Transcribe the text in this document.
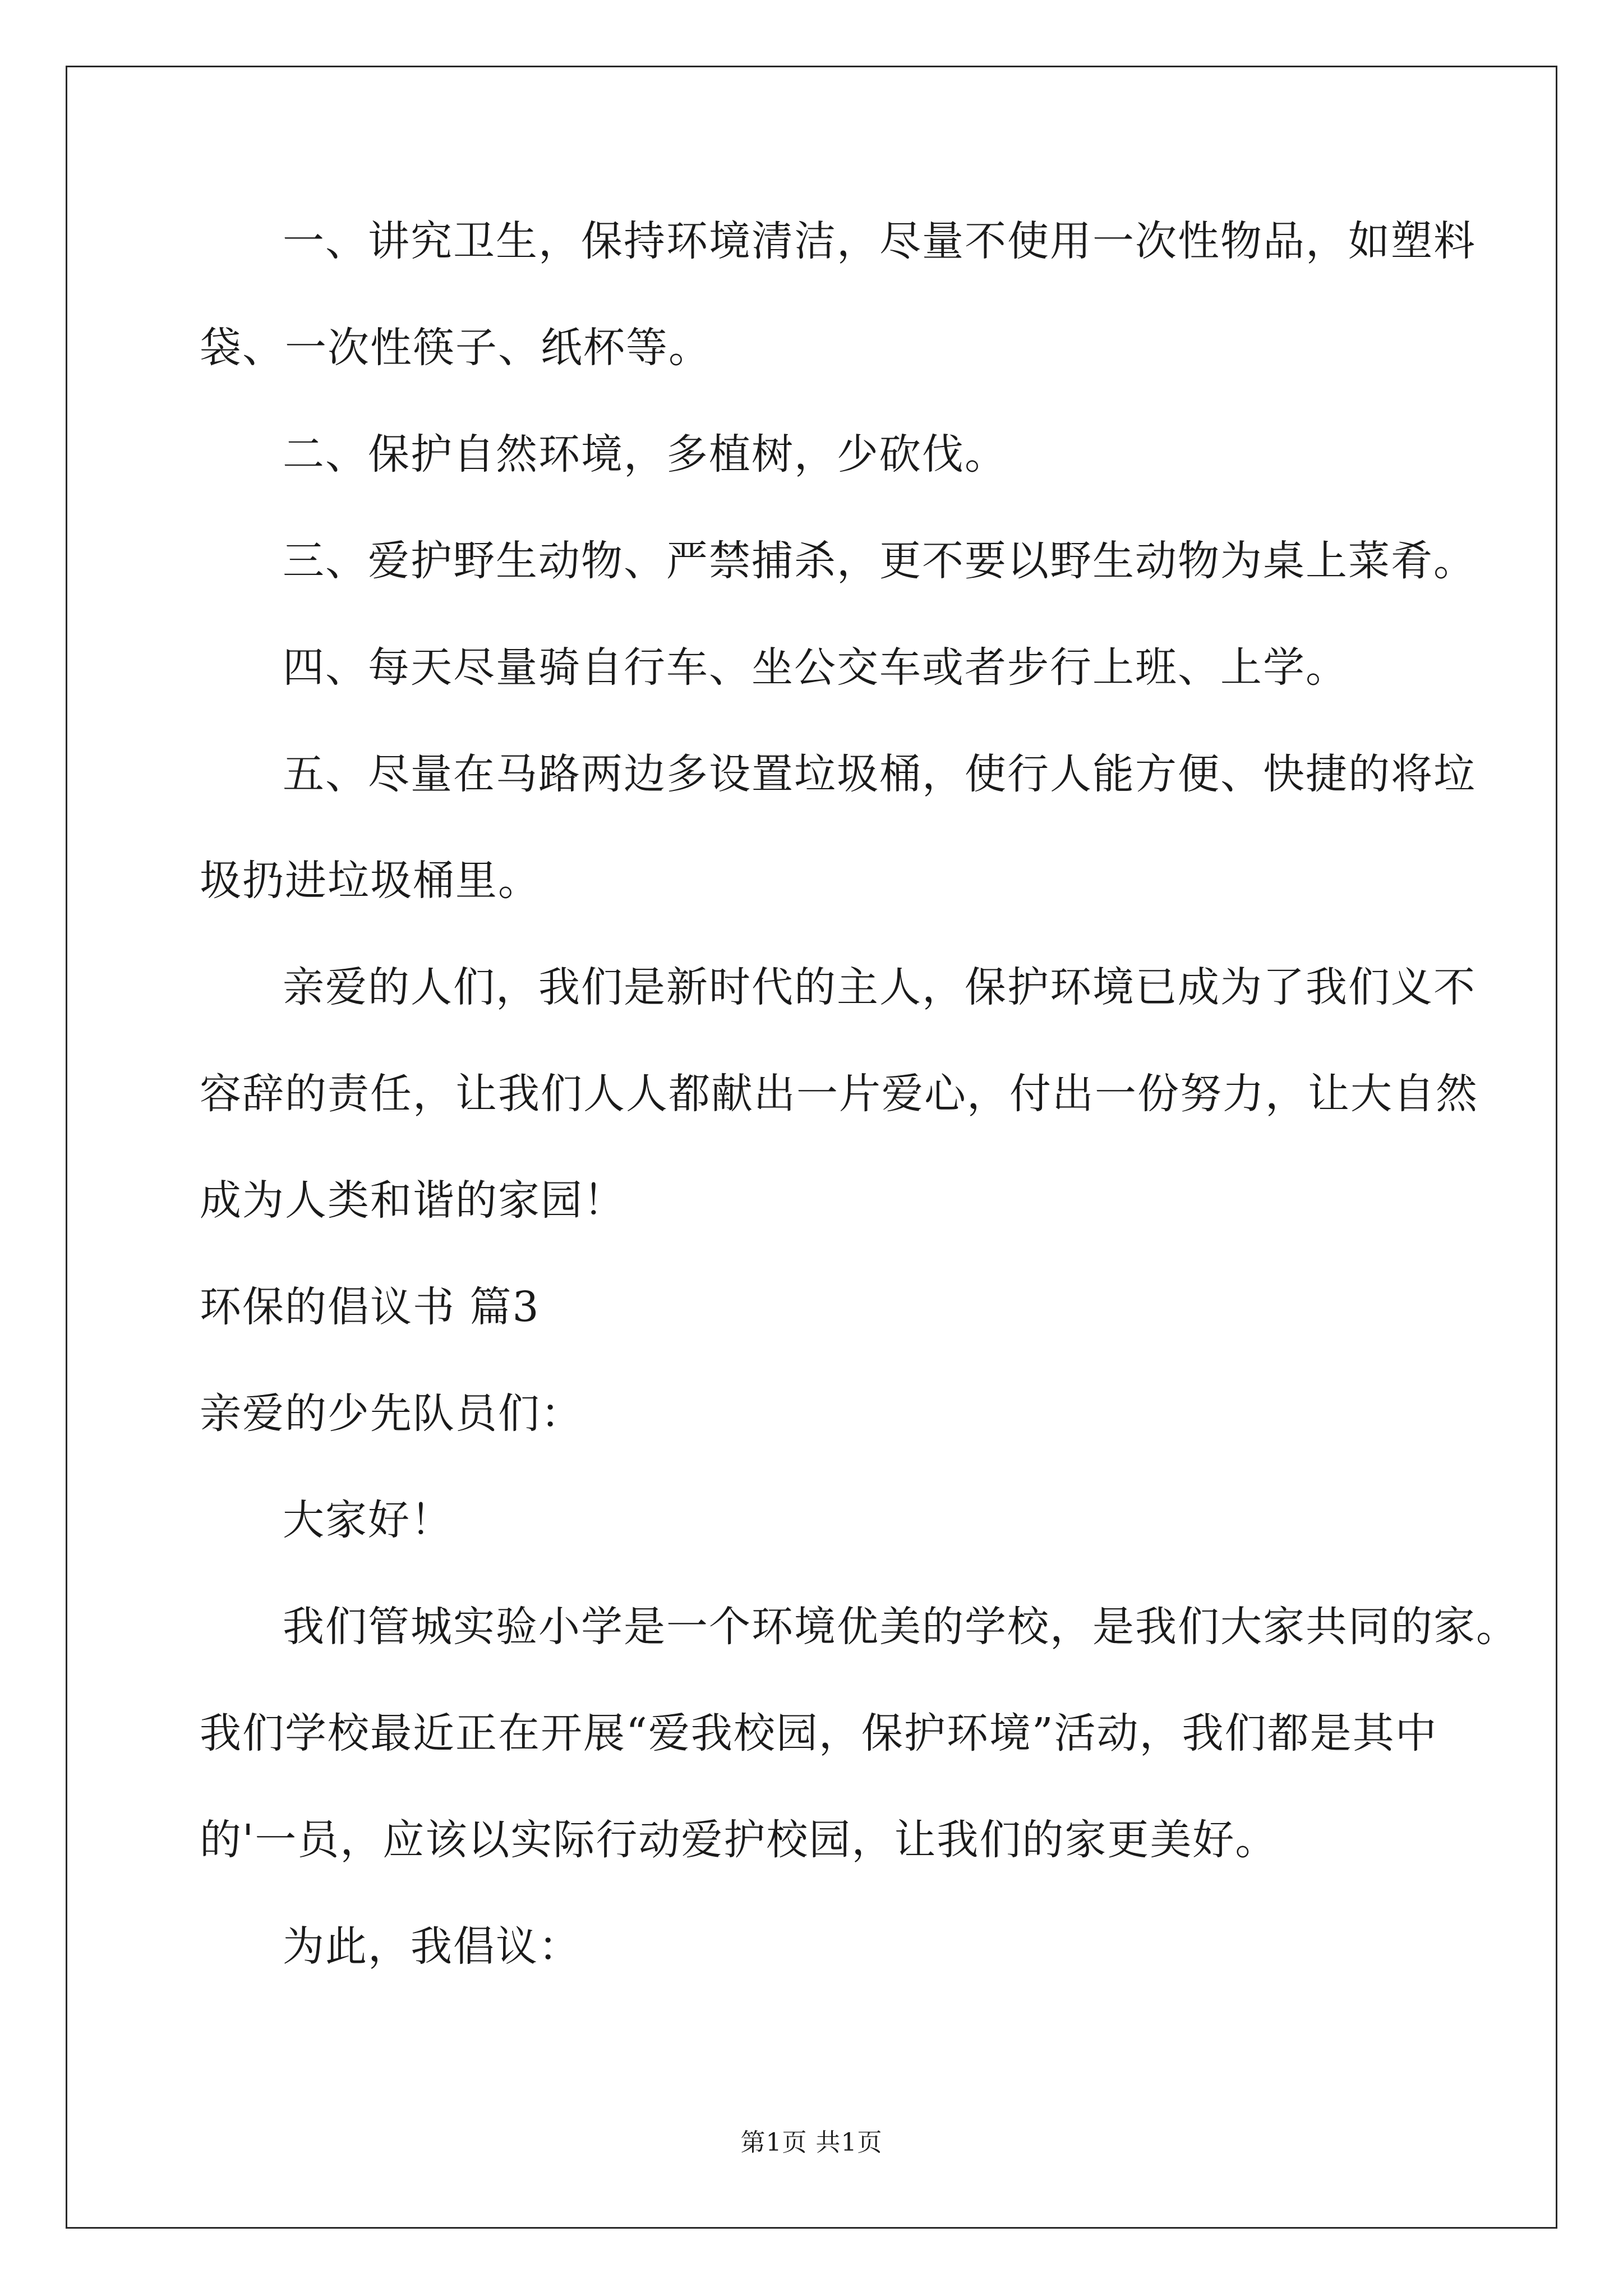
一、讲究卫生，保持环境清洁，尽量不使用一次性物品，如塑料
袋、一次性筷子、纸杯等。
二、保护自然环境，多植树，少砍伐。
三、爱护野生动物、严禁捕杀，更不要以野生动物为桌上菜肴。
四、每天尽量骑自行车、坐公交车或者步行上班、上学。
五、尽量在马路两边多设置垃圾桶，使行人能方便、快捷的将垃
圾扔进垃圾桶里。
亲爱的人们，我们是新时代的主人，保护环境已成为了我们义不
容辞的责任，让我们人人都献出一片爱心，付出一份努力，让大自然
成为人类和谐的家园！
环保的倡议书 篇3
亲爱的少先队员们：
大家好！
我们管城实验小学是一个环境优美的学校，是我们大家共同的家。
我们学校最近正在开展“爱我校园，保护环境”活动，我们都是其中
的'一员，应该以实际行动爱护校园，让我们的家更美好。
为此，我倡议：
第1页 共1页
